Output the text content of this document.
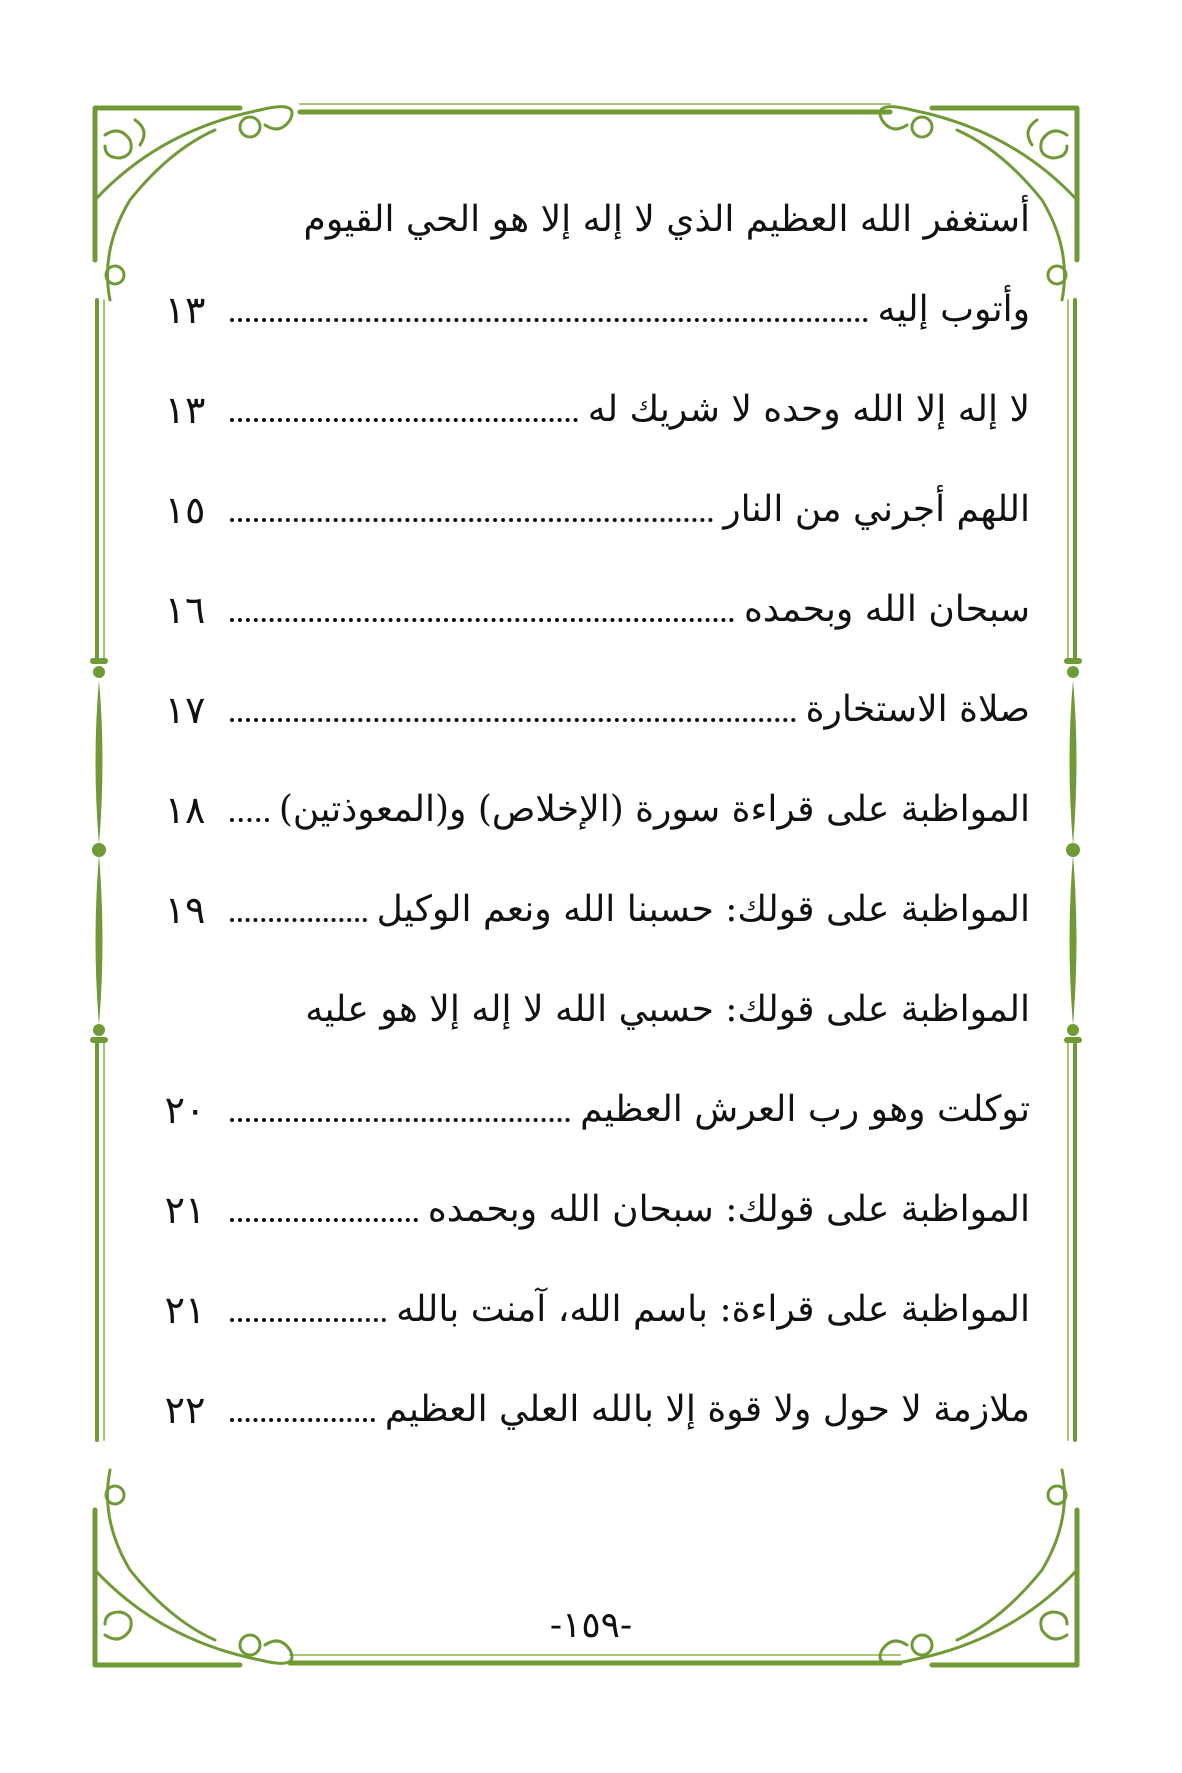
أستغفر الله العظيم الذي لا إله إلا هو الحي القيوم
وأتوب إليه
١٣
لا إله إلا الله وحده لا شريك له
١٣
اللهم أجرني من النار
١٥
سبحان الله وبحمده
١٦
صلاة الاستخارة
١٧
المواظبة على قراءة سورة (الإخلاص) و(المعوذتين)
١٨
المواظبة على قولك: حسبنا الله ونعم الوكيل
١٩
المواظبة على قولك: حسبي الله لا إله إلا هو عليه
توكلت وهو رب العرش العظيم
٢٠
المواظبة على قولك: سبحان الله وبحمده
٢١
المواظبة على قراءة: باسم الله، آمنت بالله
٢١
ملازمة لا حول ولا قوة إلا بالله العلي العظيم
٢٢
-١٥٩-
